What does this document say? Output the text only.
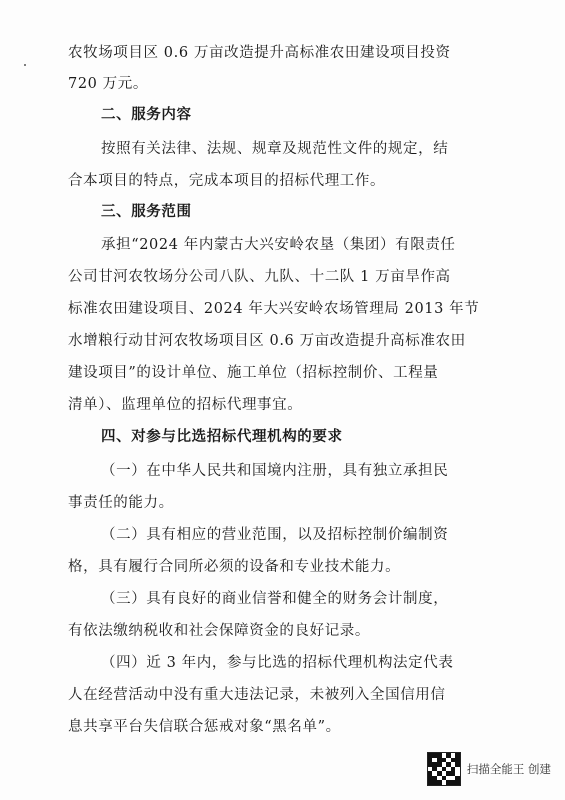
农牧场项目区 0.6 万亩改造提升高标准农田建设项目投资
720 万元。
二、服务内容
按照有关法律、法规、规章及规范性文件的规定，结
合本项目的特点，完成本项目的招标代理工作。
三、服务范围
承担“2024 年内蒙古大兴安岭农垦（集团）有限责任
公司甘河农牧场分公司八队、九队、十二队 1 万亩旱作高
标准农田建设项目、2024 年大兴安岭农场管理局 2013 年节
水增粮行动甘河农牧场项目区 0.6 万亩改造提升高标准农田
建设项目”的设计单位、施工单位（招标控制价、工程量
清单）、监理单位的招标代理事宜。
四、对参与比选招标代理机构的要求
（一）在中华人民共和国境内注册，具有独立承担民
事责任的能力。
（二）具有相应的营业范围，以及招标控制价编制资
格，具有履行合同所必须的设备和专业技术能力。
（三）具有良好的商业信誉和健全的财务会计制度，
有依法缴纳税收和社会保障资金的良好记录。
（四）近 3 年内，参与比选的招标代理机构法定代表
人在经营活动中没有重大违法记录，未被列入全国信用信
息共享平台失信联合惩戒对象“黑名单”。
扫描全能王 创建
